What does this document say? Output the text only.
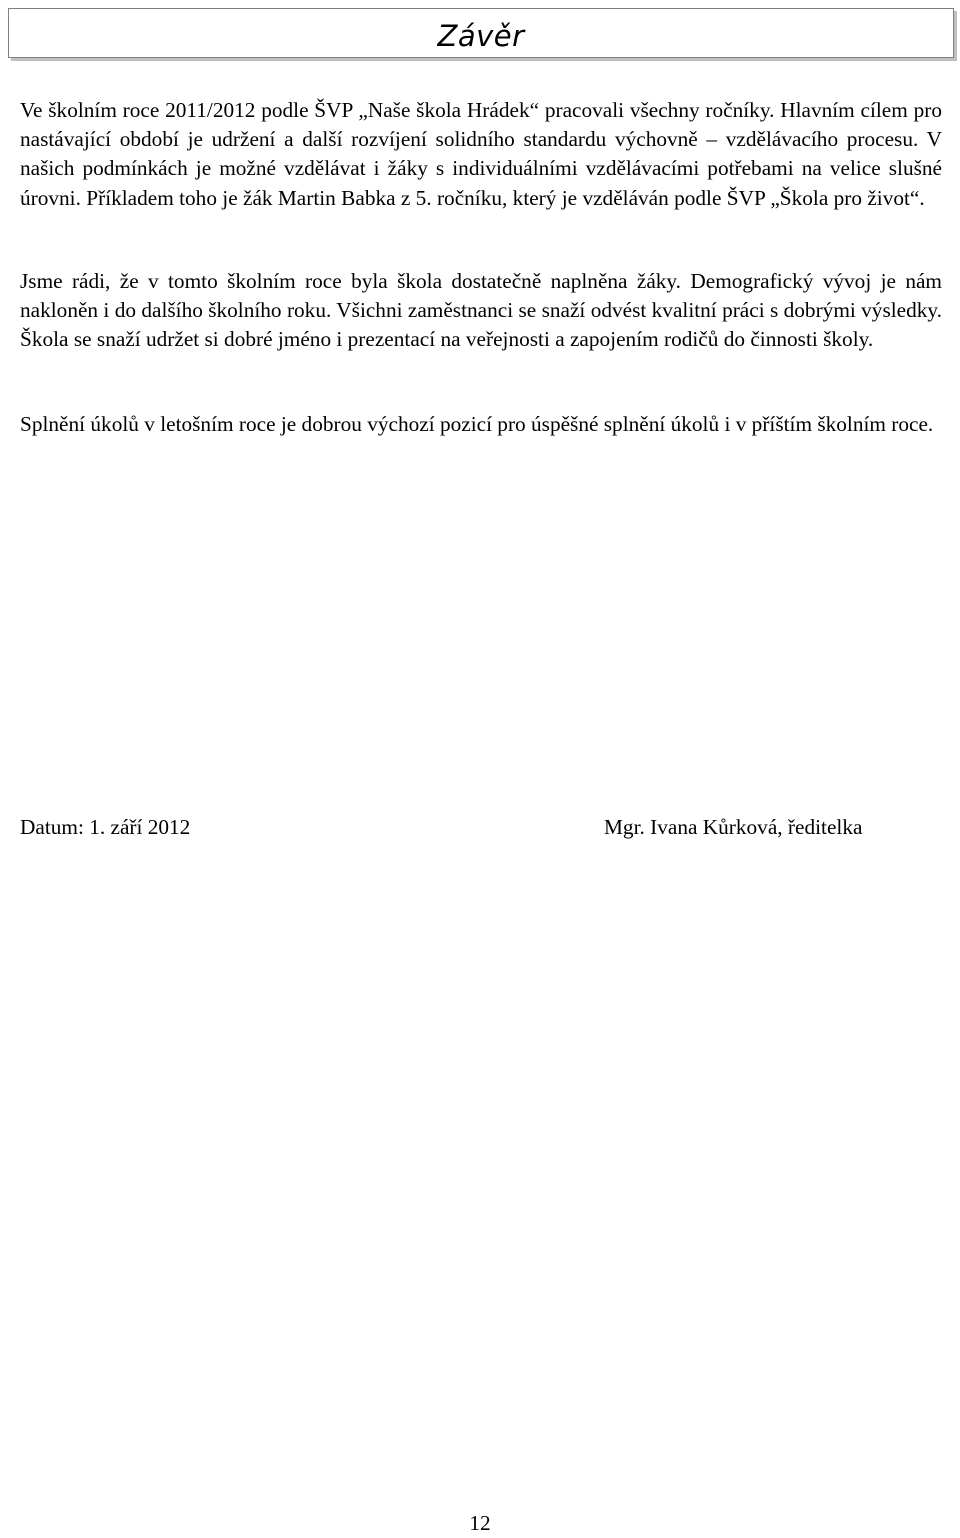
Závěr

Ve školním roce 2011/2012 podle ŠVP „Naše škola Hrádek“ pracovali všechny ročníky. Hlavním cílem pro nastávající období je udržení a další rozvíjení solidního standardu výchovně – vzdělávacího procesu. V našich podmínkách je možné vzdělávat i žáky s individuálními vzdělávacími potřebami na velice slušné úrovni. Příkladem toho je žák Martin Babka z 5. ročníku, který je vzděláván podle ŠVP „Škola pro život“.

Jsme rádi, že v tomto školním roce byla škola dostatečně naplněna žáky. Demografický vývoj je nám nakloněn i do dalšího školního roku. Všichni zaměstnanci se snaží odvést kvalitní práci s dobrými výsledky. Škola se snaží udržet si dobré jméno i prezentací na veřejnosti a zapojením rodičů do činnosti školy.

Splnění úkolů v letošním roce je dobrou výchozí pozicí pro úspěšné splnění úkolů i v příštím školním roce.

Datum: 1. září 2012	Mgr. Ivana Kůrková, ředitelka
12
